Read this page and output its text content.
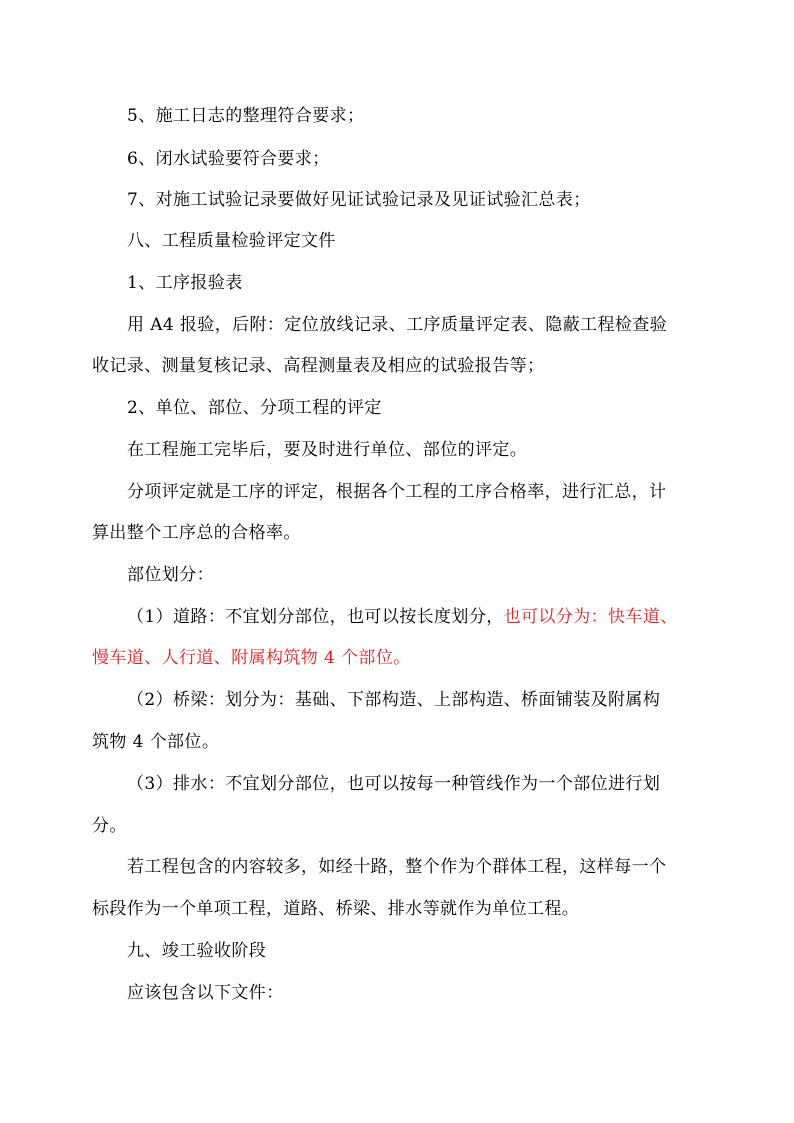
5、施工日志的整理符合要求；
6、闭水试验要符合要求；
7、对施工试验记录要做好见证试验记录及见证试验汇总表；
八、工程质量检验评定文件
1、工序报验表
用 A4 报验，后附：定位放线记录、工序质量评定表、隐蔽工程检查验
收记录、测量复核记录、高程测量表及相应的试验报告等；
2、单位、部位、分项工程的评定
在工程施工完毕后，要及时进行单位、部位的评定。
分项评定就是工序的评定，根据各个工程的工序合格率，进行汇总，计
算出整个工序总的合格率。
部位划分：
（1）道路：不宜划分部位，也可以按长度划分，也可以分为：快车道、
慢车道、人行道、附属构筑物 4 个部位。
（2）桥梁：划分为：基础、下部构造、上部构造、桥面铺装及附属构
筑物 4 个部位。
（3）排水：不宜划分部位，也可以按每一种管线作为一个部位进行划
分。
若工程包含的内容较多，如经十路，整个作为个群体工程，这样每一个
标段作为一个单项工程，道路、桥梁、排水等就作为单位工程。
九、竣工验收阶段
应该包含以下文件：
